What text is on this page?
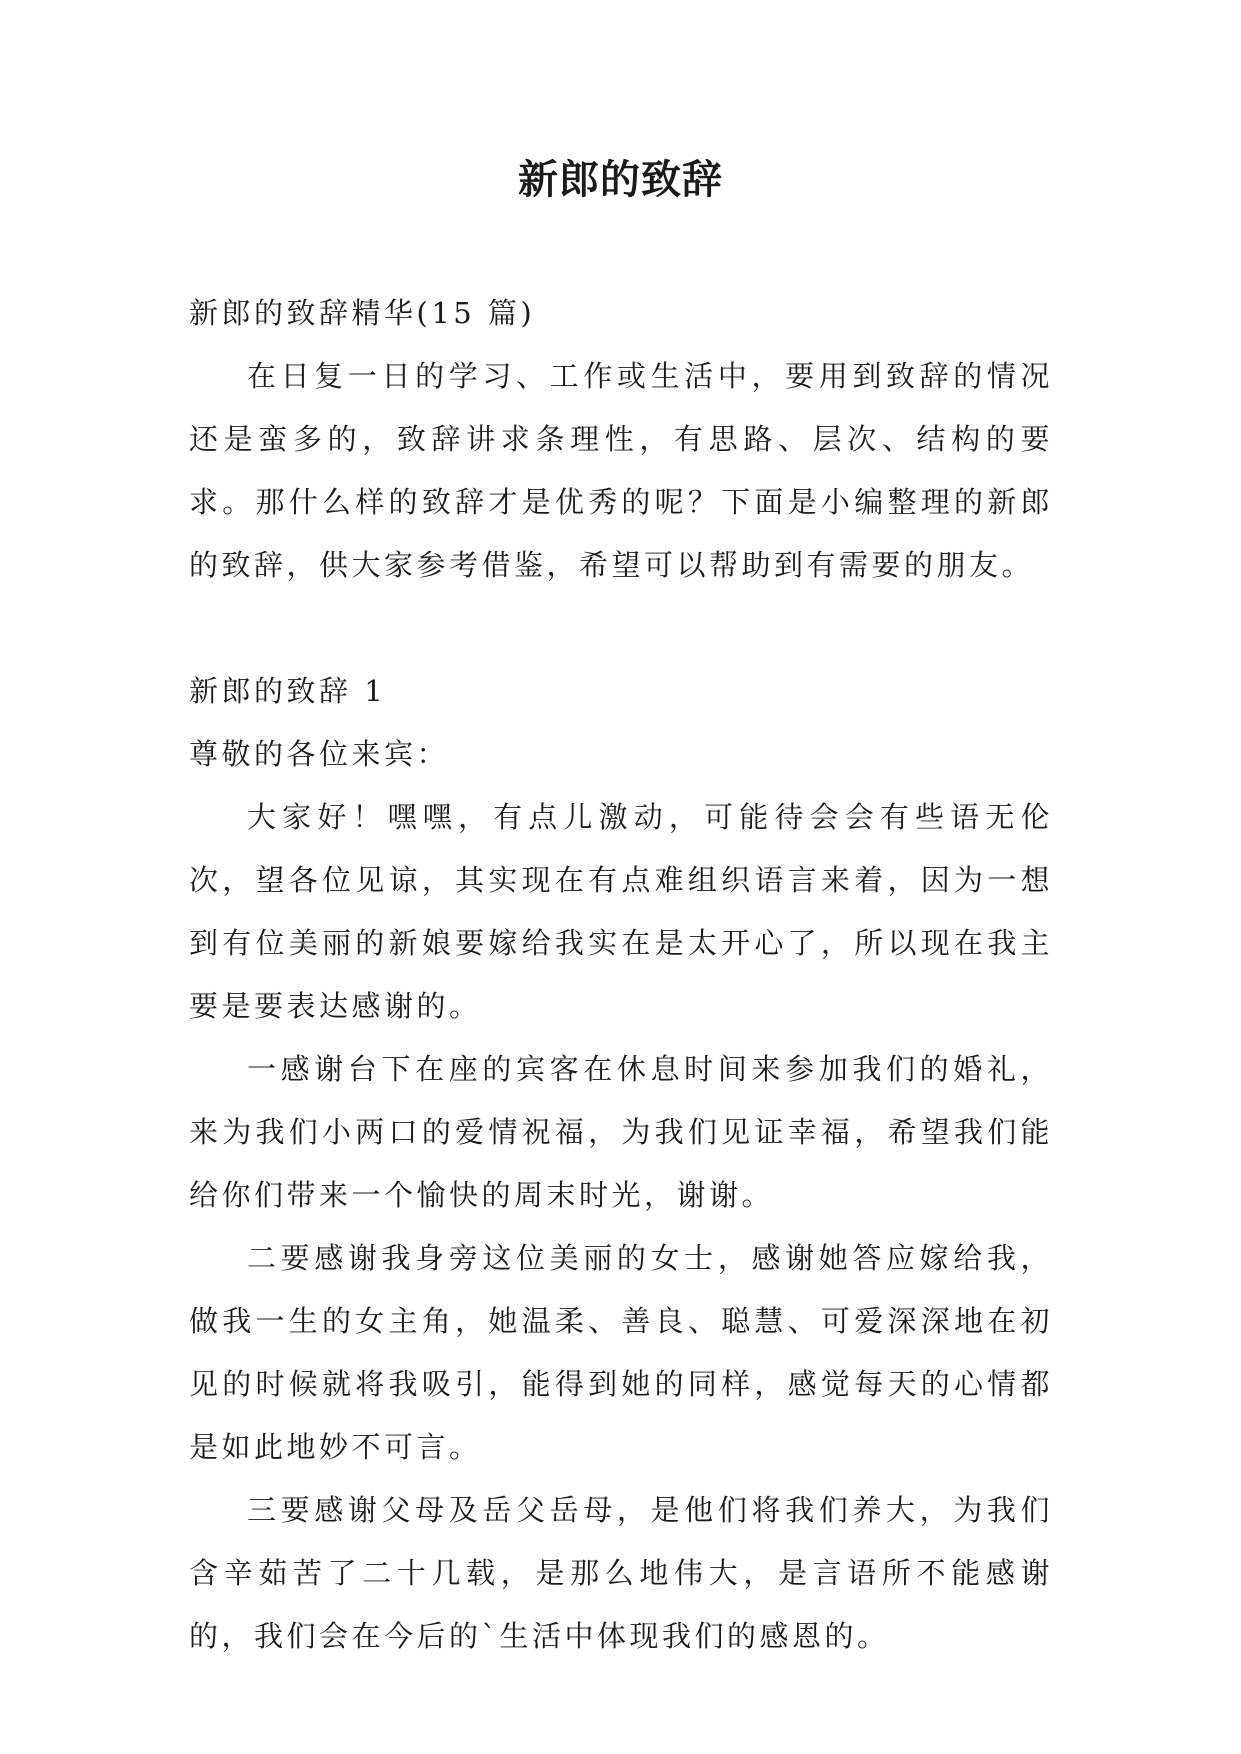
新郎的致辞

新郎的致辞精华(15 篇)

在日复一日的学习、工作或生活中，要用到致辞的情况还是蛮多的，致辞讲求条理性，有思路、层次、结构的要求。那什么样的致辞才是优秀的呢？下面是小编整理的新郎的致辞，供大家参考借鉴，希望可以帮助到有需要的朋友。

新郎的致辞 1

尊敬的各位来宾：

大家好！嘿嘿，有点儿激动，可能待会会有些语无伦次，望各位见谅，其实现在有点难组织语言来着，因为一想到有位美丽的新娘要嫁给我实在是太开心了，所以现在我主要是要表达感谢的。

一感谢台下在座的宾客在休息时间来参加我们的婚礼，来为我们小两口的爱情祝福，为我们见证幸福，希望我们能给你们带来一个愉快的周末时光，谢谢。

二要感谢我身旁这位美丽的女士，感谢她答应嫁给我，做我一生的女主角，她温柔、善良、聪慧、可爱深深地在初见的时候就将我吸引，能得到她的同样，感觉每天的心情都是如此地妙不可言。

三要感谢父母及岳父岳母，是他们将我们养大，为我们含辛茹苦了二十几载，是那么地伟大，是言语所不能感谢的，我们会在今后的`生活中体现我们的感恩的。
